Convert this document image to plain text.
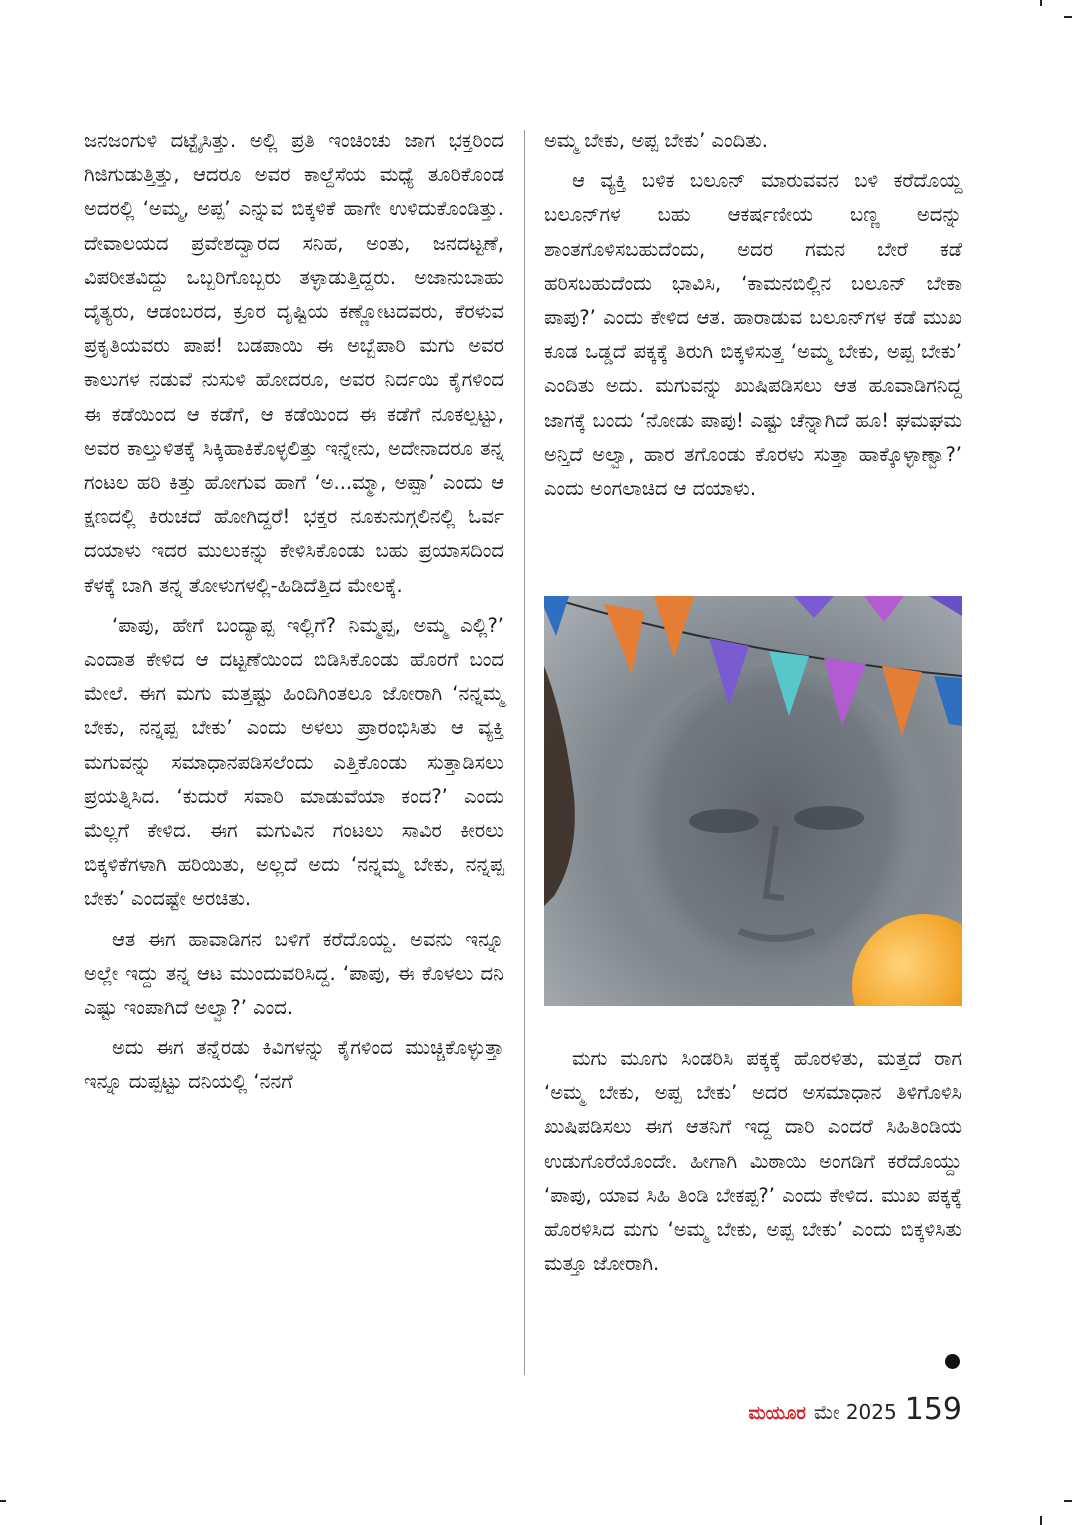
ಜನಜಂಗುಳಿ ದಟ್ಟೈಸಿತ್ತು. ಅಲ್ಲಿ ಪ್ರತಿ ಇಂಚಿಂಚು ಜಾಗ ಭಕ್ತರಿಂದ ಗಿಜಿಗುಡುತ್ತಿತ್ತು, ಆದರೂ ಅವರ ಕಾಲ್ದೆಸೆಯ ಮಧ್ಯೆ ತೂರಿಕೊಂಡ ಅದರಲ್ಲಿ ‘ಅಮ್ಮ, ಅಪ್ಪ’ ಎನ್ನುವ ಬಿಕ್ಕಳಿಕೆ ಹಾಗೇ ಉಳಿದುಕೊಂಡಿತ್ತು. ದೇವಾಲಯದ ಪ್ರವೇಶದ್ವಾರದ ಸನಿಹ, ಅಂತು, ಜನದಟ್ಟಣೆ, ವಿಪರೀತವಿದ್ದು ಒಬ್ಬರಿಗೊಬ್ಬರು ತಳ್ಳಾಡುತ್ತಿದ್ದರು. ಅಜಾನುಬಾಹು ದೈತ್ಯರು, ಆಡಂಬರದ, ಕ್ರೂರ ದೃಷ್ಟಿಯ ಕಣ್ಣೋಟದವರು, ಕೆರಳುವ ಪ್ರಕೃತಿಯವರು ಪಾಪ! ಬಡಪಾಯಿ ಈ ಅಬ್ಬೆಪಾರಿ ಮಗು ಅವರ ಕಾಲುಗಳ ನಡುವೆ ನುಸುಳಿ ಹೋದರೂ, ಅವರ ನಿರ್ದಯಿ ಕೈಗಳಿಂದ ಈ ಕಡೆಯಿಂದ ಆ ಕಡೆಗೆ, ಆ ಕಡೆಯಿಂದ ಈ ಕಡೆಗೆ ನೂಕಲ್ಪಟ್ಟು, ಅವರ ಕಾಲ್ತುಳಿತಕ್ಕೆ ಸಿಕ್ಕಿಹಾಕಿಕೊಳ್ಳಲಿತ್ತು ಇನ್ನೇನು, ಅದೇನಾದರೂ ತನ್ನ ಗಂಟಲ ಹರಿ ಕಿತ್ತು ಹೋಗುವ ಹಾಗೆ ‘ಅ...ಮ್ಮಾ, ಅಪ್ಪಾ’ ಎಂದು ಆ ಕ್ಷಣದಲ್ಲಿ ಕಿರುಚದೆ ಹೋಗಿದ್ದರೆ! ಭಕ್ತರ ನೂಕುನುಗ್ಗಲಿನಲ್ಲಿ ಓರ್ವ ದಯಾಳು ಇದರ ಮುಲುಕನ್ನು ಕೇಳಿಸಿಕೊಂಡು ಬಹು ಪ್ರಯಾಸದಿಂದ ಕೆಳಕ್ಕೆ ಬಾಗಿ ತನ್ನ ತೋಳುಗಳಲ್ಲಿ-ಹಿಡಿದೆತ್ತಿದ ಮೇಲಕ್ಕೆ.

‘ಪಾಪು, ಹೇಗೆ ಬಂದ್ಯಾಪ್ಪ ಇಲ್ಲಿಗೆ? ನಿಮ್ಮಪ್ಪ, ಅಮ್ಮ ಎಲ್ಲಿ?’ ಎಂದಾತ ಕೇಳಿದ ಆ ದಟ್ಟಣೆಯಿಂದ ಬಿಡಿಸಿಕೊಂಡು ಹೊರಗೆ ಬಂದ ಮೇಲೆ. ಈಗ ಮಗು ಮತ್ತಷ್ಟು ಹಿಂದಿಗಿಂತಲೂ ಜೋರಾಗಿ ‘ನನ್ನಮ್ಮ ಬೇಕು, ನನ್ನಪ್ಪ ಬೇಕು’ ಎಂದು ಅಳಲು ಪ್ರಾರಂಭಿಸಿತು ಆ ವ್ಯಕ್ತಿ ಮಗುವನ್ನು ಸಮಾಧಾನಪಡಿಸಲೆಂದು ಎತ್ತಿಕೊಂಡು ಸುತ್ತಾಡಿಸಲು ಪ್ರಯತ್ನಿಸಿದ. ‘ಕುದುರೆ ಸವಾರಿ ಮಾಡುವೆಯಾ ಕಂದ?’ ಎಂದು ಮೆಲ್ಲಗೆ ಕೇಳಿದ. ಈಗ ಮಗುವಿನ ಗಂಟಲು ಸಾವಿರ ಕೀರಲು ಬಿಕ್ಕಳಿಕೆಗಳಾಗಿ ಹರಿಯಿತು, ಅಲ್ಲದೆ ಅದು ‘ನನ್ನಮ್ಮ ಬೇಕು, ನನ್ನಪ್ಪ ಬೇಕು’ ಎಂದಷ್ಟೇ ಅರಚಿತು.

ಆತ ಈಗ ಹಾವಾಡಿಗನ ಬಳಿಗೆ ಕರೆದೊಯ್ದ. ಅವನು ಇನ್ನೂ ಅಲ್ಲೇ ಇದ್ದು ತನ್ನ ಆಟ ಮುಂದುವರಿಸಿದ್ದ. ‘ಪಾಪು, ಈ ಕೊಳಲು ದನಿ ಎಷ್ಟು ಇಂಪಾಗಿದೆ ಅಲ್ವಾ?’ ಎಂದ.

ಅದು ಈಗ ತನ್ನೆರಡು ಕಿವಿಗಳನ್ನು ಕೈಗಳಿಂದ ಮುಚ್ಚಿಕೊಳ್ಳುತ್ತಾ ಇನ್ನೂ ದುಪ್ಪಟ್ಟು ದನಿಯಲ್ಲಿ ‘ನನಗೆ

ಅಮ್ಮ ಬೇಕು, ಅಪ್ಪ ಬೇಕು’ ಎಂದಿತು.

ಆ ವ್ಯಕ್ತಿ ಬಳಿಕ ಬಲೂನ್ ಮಾರುವವನ ಬಳಿ ಕರೆದೊಯ್ದ ಬಲೂನ್‌ಗಳ ಬಹು ಆಕರ್ಷಣೀಯ ಬಣ್ಣ ಅದನ್ನು ಶಾಂತಗೊಳಿಸಬಹುದೆಂದು, ಅದರ ಗಮನ ಬೇರೆ ಕಡೆ ಹರಿಸಬಹುದೆಂದು ಭಾವಿಸಿ, ‘ಕಾಮನಬಿಲ್ಲಿನ ಬಲೂನ್ ಬೇಕಾ ಪಾಪು?’ ಎಂದು ಕೇಳಿದ ಆತ. ಹಾರಾಡುವ ಬಲೂನ್‌ಗಳ ಕಡೆ ಮುಖ ಕೂಡ ಒಡ್ಡದೆ ಪಕ್ಕಕ್ಕೆ ತಿರುಗಿ ಬಿಕ್ಕಳಿಸುತ್ತ ‘ಅಮ್ಮ ಬೇಕು, ಅಪ್ಪ ಬೇಕು’ ಎಂದಿತು ಅದು. ಮಗುವನ್ನು ಖುಷಿಪಡಿಸಲು ಆತ ಹೂವಾಡಿಗನಿದ್ದ ಜಾಗಕ್ಕೆ ಬಂದು ‘ನೋಡು ಪಾಪು! ಎಷ್ಟು ಚೆನ್ನಾಗಿದೆ ಹೂ! ಘಮಘಮ ಅನ್ತಿದೆ ಅಲ್ವಾ, ಹಾರ ತಗೊಂಡು ಕೊರಳು ಸುತ್ತಾ ಹಾಕ್ಕೊಳ್ಳಾಣ್ವಾ?’ ಎಂದು ಅಂಗಲಾಚಿದ ಆ ದಯಾಳು.

ಮಗು ಮೂಗು ಸಿಂಡರಿಸಿ ಪಕ್ಕಕ್ಕೆ ಹೊರಳಿತು, ಮತ್ತದೆ ರಾಗ ‘ಅಮ್ಮ ಬೇಕು, ಅಪ್ಪ ಬೇಕು’ ಅದರ ಅಸಮಾಧಾನ ತಿಳಿಗೊಳಿಸಿ ಖುಷಿಪಡಿಸಲು ಈಗ ಆತನಿಗೆ ಇದ್ದ ದಾರಿ ಎಂದರೆ ಸಿಹಿತಿಂಡಿಯ ಉಡುಗೊರೆಯೊಂದೇ. ಹೀಗಾಗಿ ಮಿಠಾಯಿ ಅಂಗಡಿಗೆ ಕರೆದೊಯ್ದು ‘ಪಾಪು, ಯಾವ ಸಿಹಿ ತಿಂಡಿ ಬೇಕಪ್ಪ?’ ಎಂದು ಕೇಳಿದ. ಮುಖ ಪಕ್ಕಕ್ಕೆ ಹೊರಳಿಸಿದ ಮಗು ‘ಅಮ್ಮ ಬೇಕು, ಅಪ್ಪ ಬೇಕು’ ಎಂದು ಬಿಕ್ಕಳಿಸಿತು ಮತ್ತೂ ಜೋರಾಗಿ.

ಮಯೂರ ಮೇ 2025 159
